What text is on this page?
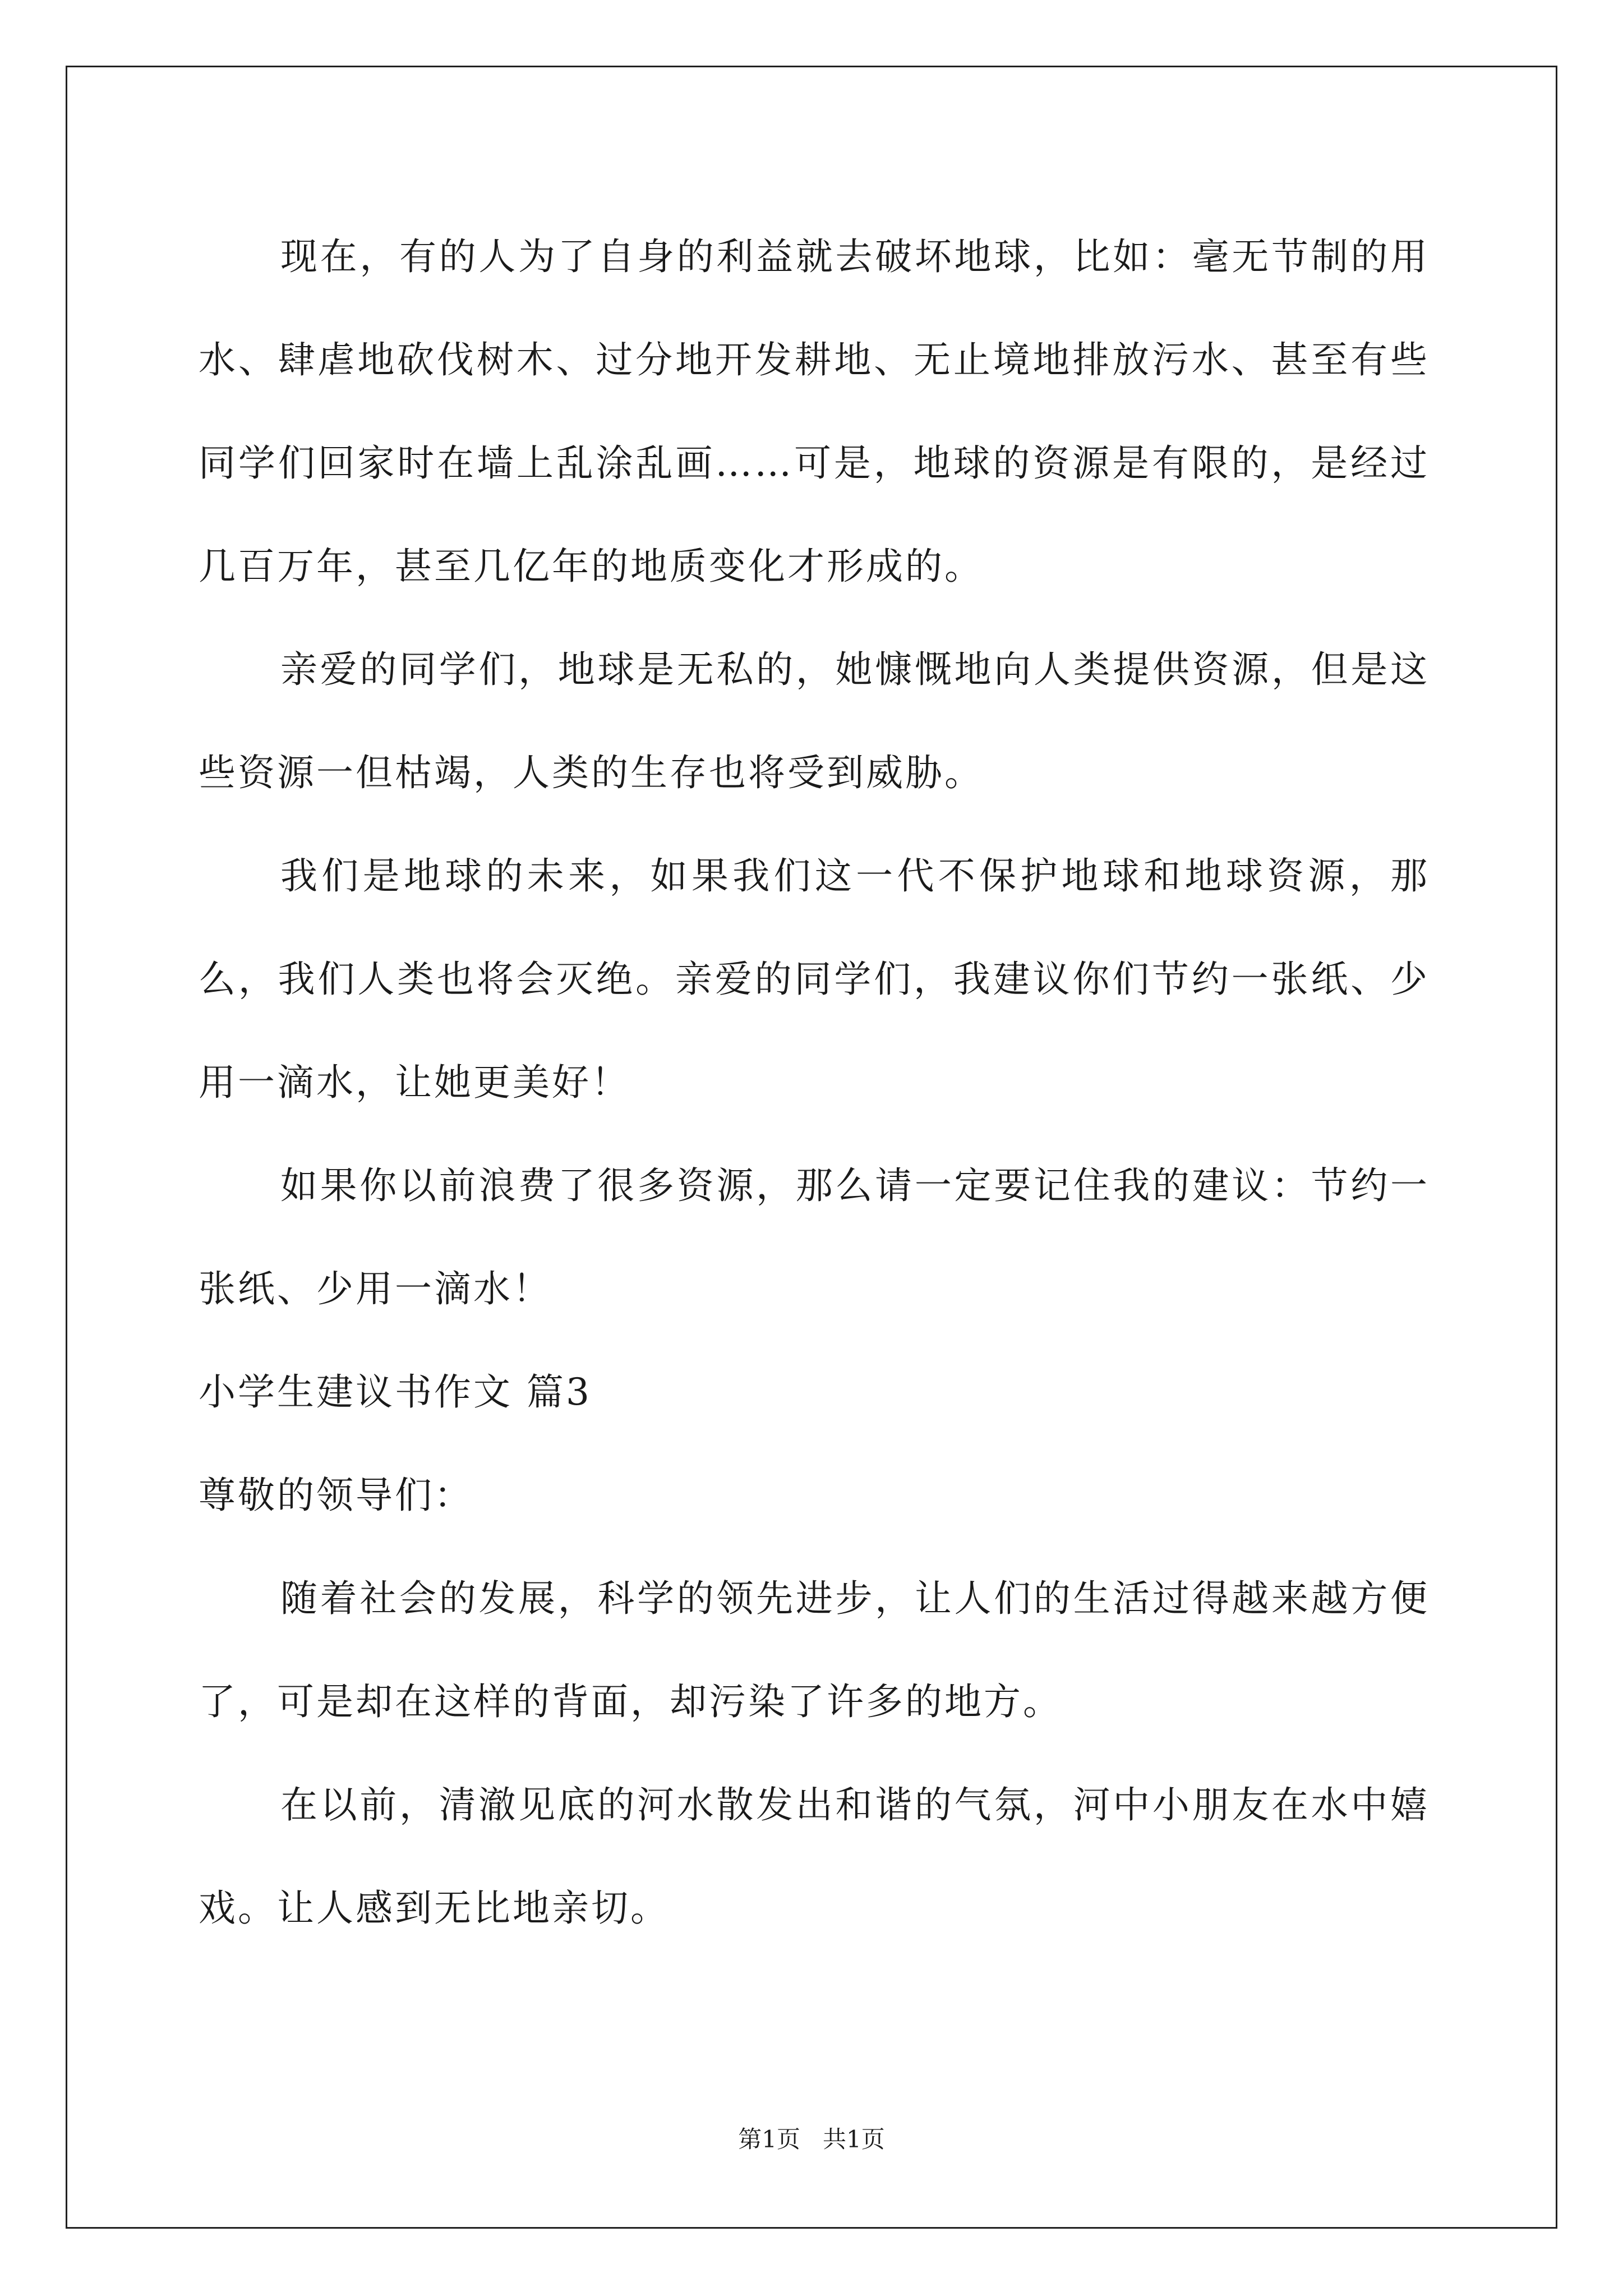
现在，有的人为了自身的利益就去破坏地球，比如：毫无节制的用水、肆虐地砍伐树木、过分地开发耕地、无止境地排放污水、甚至有些同学们回家时在墙上乱涂乱画……可是，地球的资源是有限的，是经过几百万年，甚至几亿年的地质变化才形成的。

亲爱的同学们，地球是无私的，她慷慨地向人类提供资源，但是这些资源一但枯竭，人类的生存也将受到威胁。

我们是地球的未来，如果我们这一代不保护地球和地球资源，那么，我们人类也将会灭绝。亲爱的同学们，我建议你们节约一张纸、少用一滴水，让她更美好！

如果你以前浪费了很多资源，那么请一定要记住我的建议：节约一张纸、少用一滴水！

小学生建议书作文 篇3

尊敬的领导们：

随着社会的发展，科学的领先进步，让人们的生活过得越来越方便了，可是却在这样的背面，却污染了许多的地方。

在以前，清澈见底的河水散发出和谐的气氛，河中小朋友在水中嬉戏。让人感到无比地亲切。

第1页 共1页
